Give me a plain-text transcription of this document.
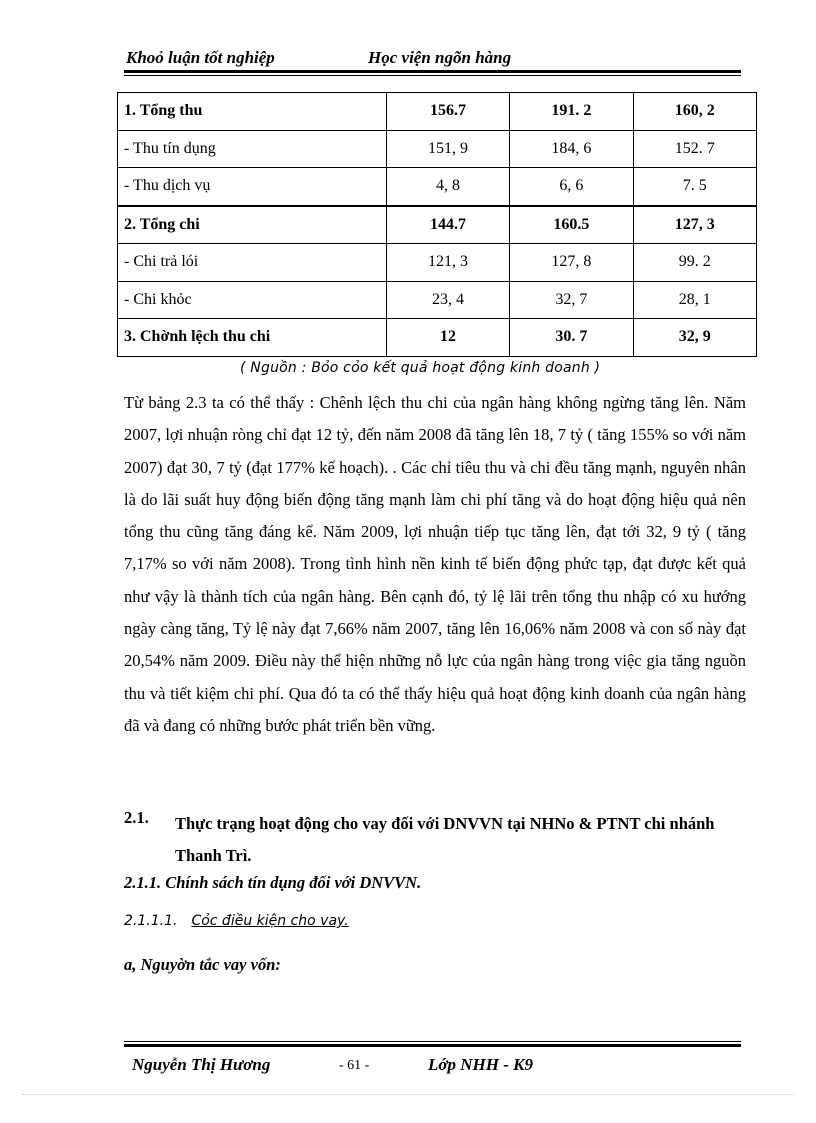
Khoỏ luận tốt nghiệp	Học viện ngõn hàng
1. Tổng thu	156.7	191. 2	160, 2
- Thu tín dụng	151, 9	184, 6	152. 7
- Thu dịch vụ	4, 8	6, 6	7. 5
2. Tổng chi	144.7	160.5	127, 3
- Chi trả lói	121, 3	127, 8	99. 2
- Chi khỏc	23, 4	32, 7	28, 1
3. Chờnh lệch thu chi	12	30. 7	32, 9
( Nguồn : Bỏo cỏo kết quả hoạt động kinh doanh )
Từ bảng 2.3 ta có thể thấy : Chênh lệch thu chi của ngân hàng không ngừng tăng lên. Năm 2007, lợi nhuận ròng chỉ đạt 12 tỷ, đến năm 2008 đã tăng lên 18, 7 tỷ ( tăng 155% so với năm 2007) đạt 30, 7 tỷ (đạt 177% kế hoạch). . Các chỉ tiêu thu và chi đều tăng mạnh, nguyên nhân là do lãi suất huy động biến động tăng mạnh làm chi phí tăng và do hoạt động hiệu quả nên tổng thu cũng tăng đáng kể. Năm 2009, lợi nhuận tiếp tục tăng lên, đạt tới 32, 9 tỷ ( tăng 7,17% so với năm 2008). Trong tình hình nền kinh tế biến động phức tạp, đạt được kết quả như vậy là thành tích của ngân hàng. Bên cạnh đó, tỷ lệ lãi trên tổng thu nhập có xu hướng ngày càng tăng, Tỷ lệ này đạt 7,66% năm 2007, tăng lên 16,06% năm 2008 và con số này đạt 20,54% năm 2009. Điều này thể hiện những nỗ lực của ngân hàng trong việc gia tăng nguồn thu và tiết kiệm chi phí. Qua đó ta có thể thấy hiệu quả hoạt động kinh doanh của ngân hàng đã và đang có những bước phát triển bền vững.
2.1. Thực trạng hoạt động cho vay đối với DNVVN tại NHNo & PTNT chi nhánh Thanh Trì.
2.1.1. Chính sách tín dụng đối với DNVVN.
2.1.1.1. Cỏc điều kiện cho vay.
a, Nguyờn tắc vay vốn:
Nguyễn Thị Hương	- 61 -	Lớp NHH - K9
